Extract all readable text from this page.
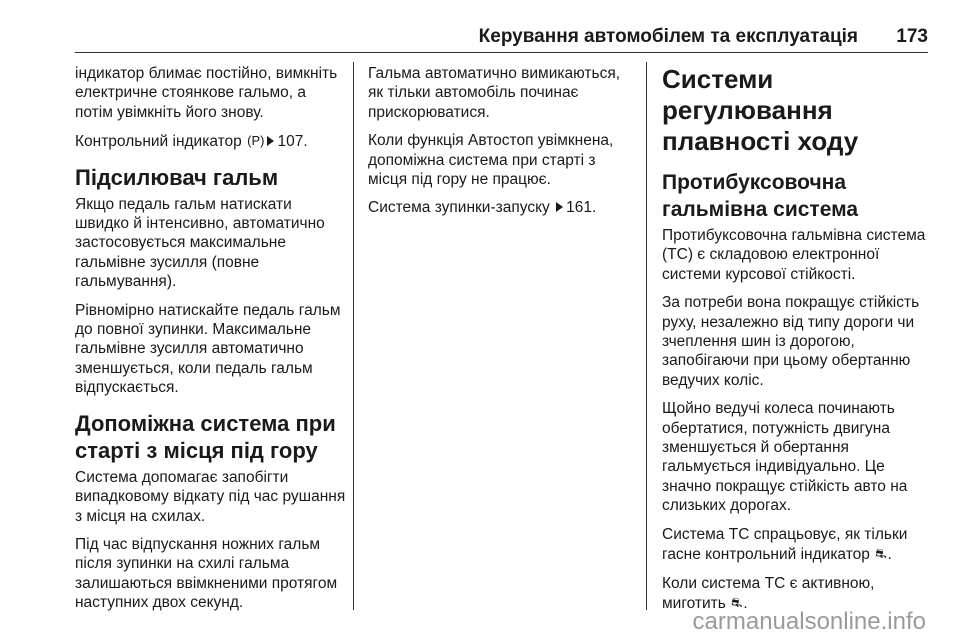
Керування автомобілем та експлуатація 173

індикатор блимає постійно, вимкніть електричне стоянкове гальмо, а потім увімкніть його знову.

Контрольний індикатор (P) 107.

Підсилювач гальм

Якщо педаль гальм натискати швидко й інтенсивно, автоматично застосовується максимальне гальмівне зусилля (повне гальмування).

Рівномірно натискайте педаль гальм до повної зупинки. Максимальне гальмівне зусилля автоматично зменшується, коли педаль гальм відпускається.

Допоміжна система при старті з місця під гору

Система допомагає запобігти випадковому відкату під час рушання з місця на схилах.

Під час відпускання ножних гальм після зупинки на схилі гальма залишаються ввімкненими протягом наступних двох секунд.

Гальма автоматично вимикаються, як тільки автомобіль починає прискорюватися.

Коли функція Автостоп увімкнена, допоміжна система при старті з місця під гору не працює.

Система зупинки-запуску 161.

Системи регулювання плавності ходу
Протибуксовочна гальмівна система

Протибуксовочна гальмівна система (ТС) є складовою електронної системи курсової стійкості.

За потреби вона покращує стійкість руху, незалежно від типу дороги чи зчеплення шин із дорогою, запобігаючи при цьому обертанню ведучих коліс.

Щойно ведучі колеса починають обертатися, потужність двигуна зменшується й обертання гальмується індивідуально. Це значно покращує стійкість авто на слизьких дорогах.

Система ТС спрацьовує, як тільки гасне контрольний індикатор ⛐.

Коли система ТС є активною, миготить ⛐.

carmanualsonline.info
